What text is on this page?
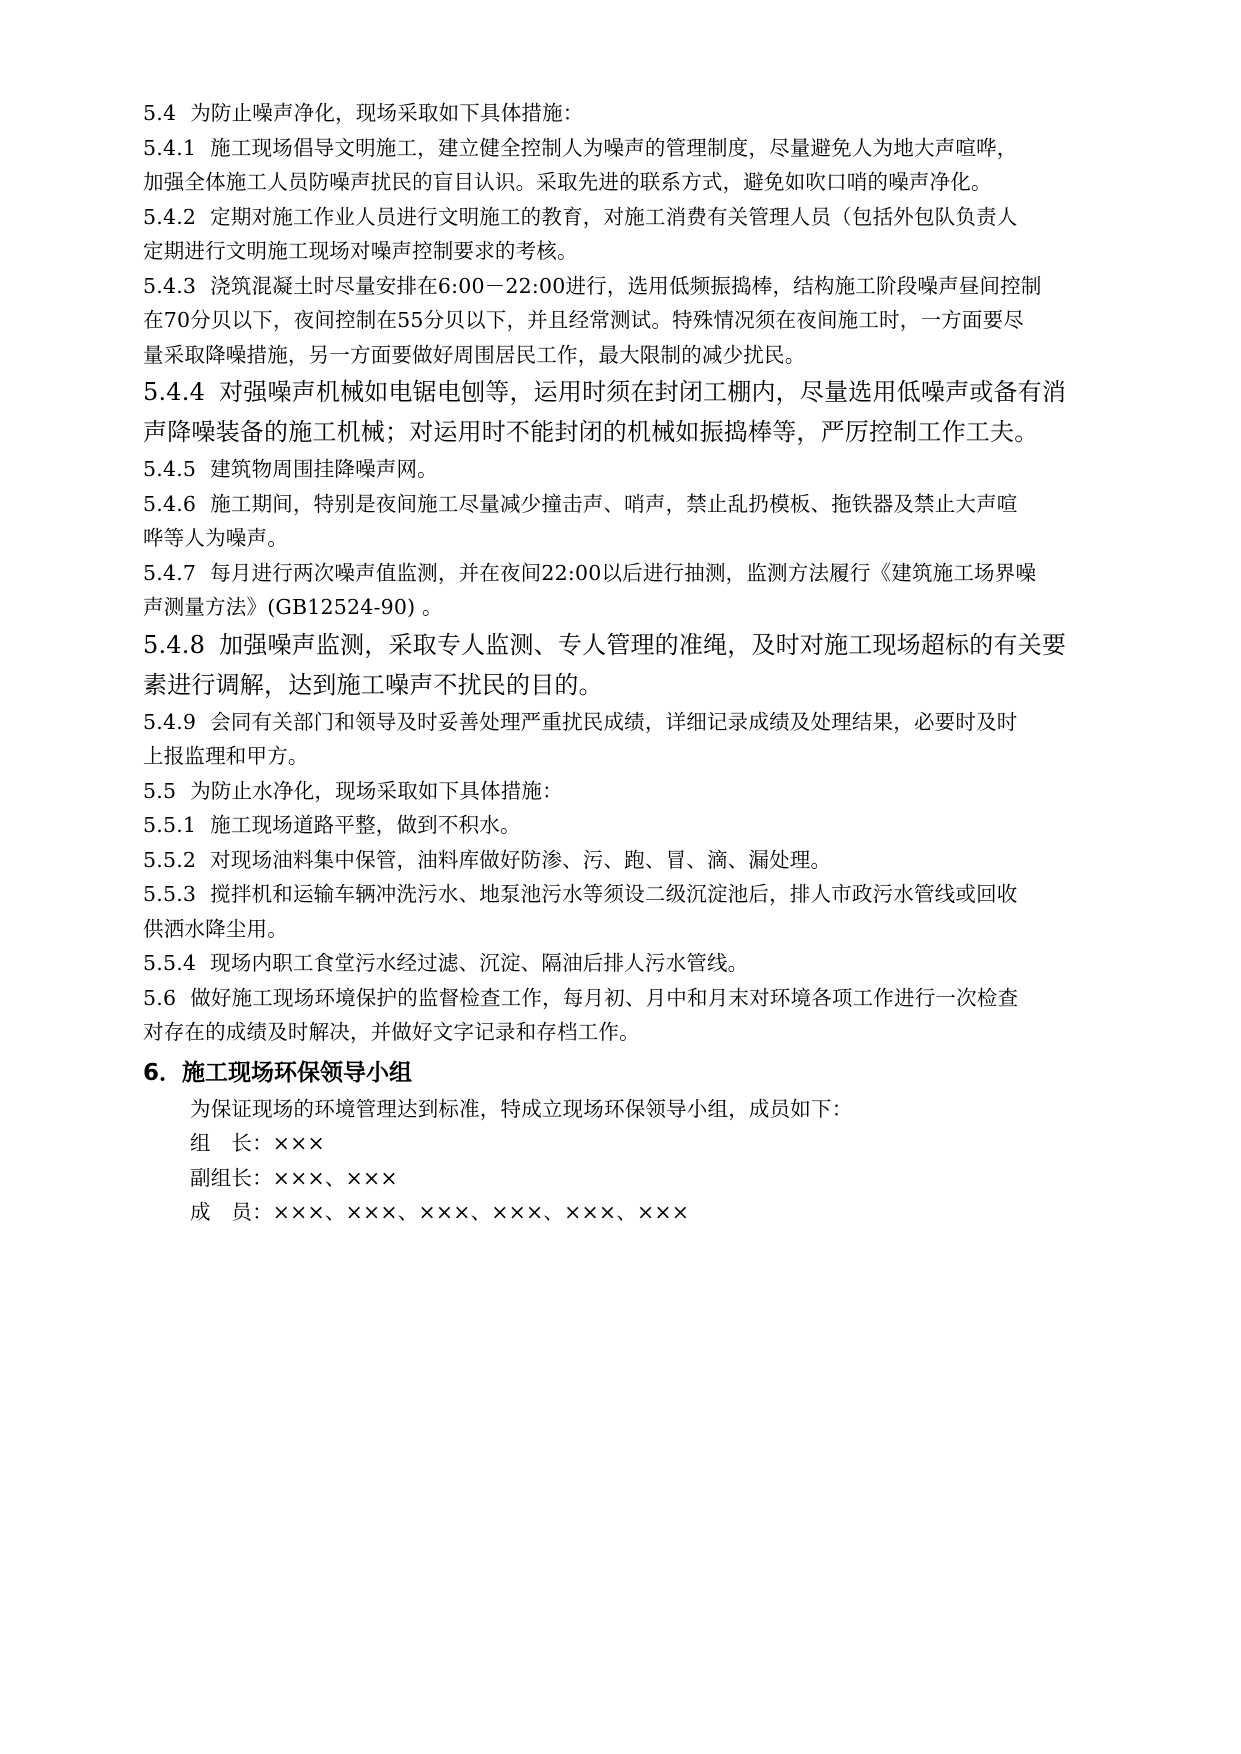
5.4 为防止噪声净化，现场采取如下具体措施：

5.4.1 施工现场倡导文明施工，建立健全控制人为噪声的管理制度，尽量避免人为地大声喧哗，
加强全体施工人员防噪声扰民的盲目认识。采取先进的联系方式，避免如吹口哨的噪声净化。

5.4.2 定期对施工作业人员进行文明施工的教育，对施工消费有关管理人员（包括外包队负责人
定期进行文明施工现场对噪声控制要求的考核。

5.4.3 浇筑混凝土时尽量安排在6:00－22:00进行，选用低频振捣棒，结构施工阶段噪声昼间控制
在70分贝以下，夜间控制在55分贝以下，并且经常测试。特殊情况须在夜间施工时，一方面要尽
量采取降噪措施，另一方面要做好周围居民工作，最大限制的减少扰民。

5.4.4 对强噪声机械如电锯电刨等，运用时须在封闭工棚内，尽量选用低噪声或备有消
声降噪装备的施工机械；对运用时不能封闭的机械如振捣棒等，严厉控制工作工夫。

5.4.5 建筑物周围挂降噪声网。

5.4.6 施工期间，特别是夜间施工尽量减少撞击声、哨声，禁止乱扔模板、拖铁器及禁止大声喧
哗等人为噪声。

5.4.7 每月进行两次噪声值监测，并在夜间22:00以后进行抽测，监测方法履行《建筑施工场界噪
声测量方法》(GB12524-90) 。

5.4.8 加强噪声监测，采取专人监测、专人管理的准绳，及时对施工现场超标的有关要
素进行调解，达到施工噪声不扰民的目的。

5.4.9 会同有关部门和领导及时妥善处理严重扰民成绩，详细记录成绩及处理结果，必要时及时
上报监理和甲方。

5.5 为防止水净化，现场采取如下具体措施：

5.5.1 施工现场道路平整，做到不积水。

5.5.2 对现场油料集中保管，油料库做好防渗、污、跑、冒、滴、漏处理。

5.5.3 搅拌机和运输车辆冲洗污水、地泵池污水等须设二级沉淀池后，排人市政污水管线或回收
供洒水降尘用。

5.5.4 现场内职工食堂污水经过滤、沉淀、隔油后排人污水管线。

5.6 做好施工现场环境保护的监督检查工作，每月初、月中和月末对环境各项工作进行一次检查
对存在的成绩及时解决，并做好文字记录和存档工作。

6．施工现场环保领导小组

为保证现场的环境管理达到标准，特成立现场环保领导小组，成员如下：

组　长：×××

副组长：×××、×××

成　员：×××、×××、×××、×××、×××、×××
